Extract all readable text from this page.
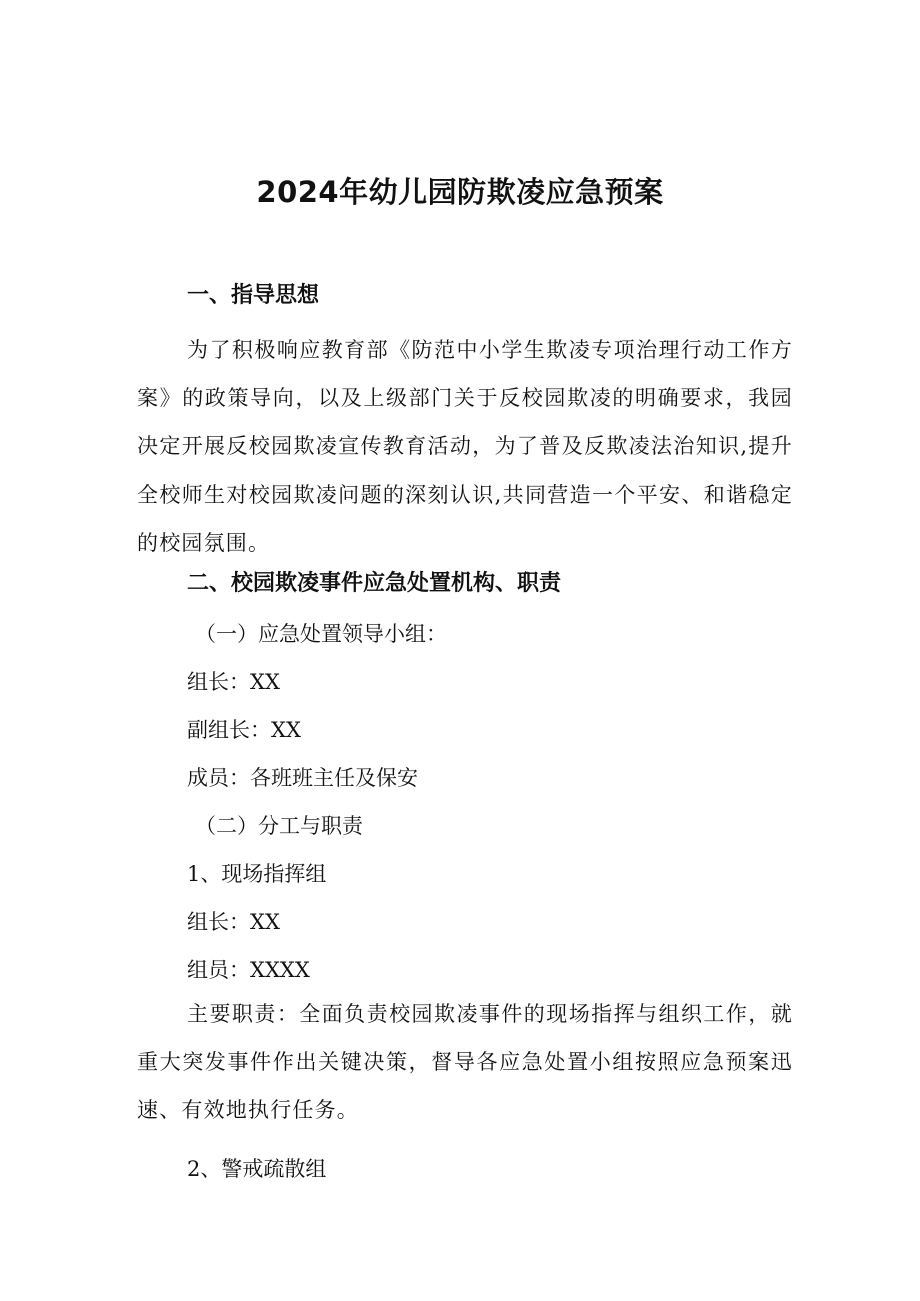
2024年幼儿园防欺凌应急预案
一、指导思想
为了积极响应教育部《防范中小学生欺凌专项治理行动工作方案》的政策导向，以及上级部门关于反校园欺凌的明确要求，我园决定开展反校园欺凌宣传教育活动，为了普及反欺凌法治知识,提升全校师生对校园欺凌问题的深刻认识,共同营造一个平安、和谐稳定的校园氛围。
二、校园欺凌事件应急处置机构、职责
（一）应急处置领导小组：
组长：XX
副组长：XX
成员：各班班主任及保安
（二）分工与职责
1、现场指挥组
组长：XX
组员：XXXX
主要职责：全面负责校园欺凌事件的现场指挥与组织工作，就重大突发事件作出关键决策，督导各应急处置小组按照应急预案迅速、有效地执行任务。
2、警戒疏散组
